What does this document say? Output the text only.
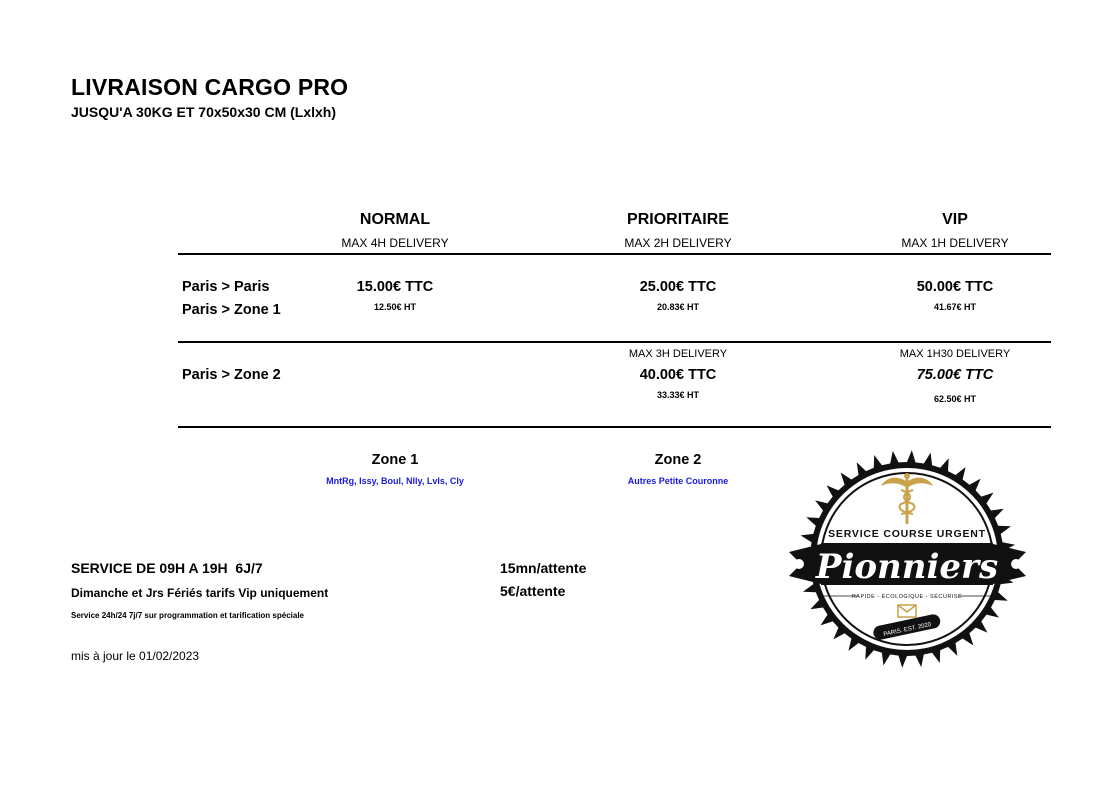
LIVRAISON CARGO PRO
JUSQU'A 30KG ET 70x50x30 CM (Lxlxh)
NORMAL
MAX 4H DELIVERY
PRIORITAIRE
MAX 2H DELIVERY
VIP
MAX 1H DELIVERY
Paris > Paris
Paris > Zone 1
15.00€ TTC
12.50€ HT
25.00€ TTC
20.83€ HT
50.00€ TTC
41.67€ HT
Paris > Zone 2
MAX 3H DELIVERY
40.00€ TTC
33.33€ HT
MAX 1H30 DELIVERY
75.00€ TTC
62.50€ HT
Zone 1
MntRg, Issy, Boul, Nlly, Lvls, Cly
Zone 2
Autres Petite Couronne
SERVICE DE 09H A 19H  6J/7
Dimanche et Jrs Fériés tarifs Vip uniquement
Service 24h/24 7j/7 sur programmation et tarification spéciale
mis à jour le 01/02/2023
15mn/attente
5€/attente
SERVICE COURSE URGENT
Pionniers
RAPIDE - ÉCOLOGIQUE - SÉCURISÉ
PARIS. EST. 2020
